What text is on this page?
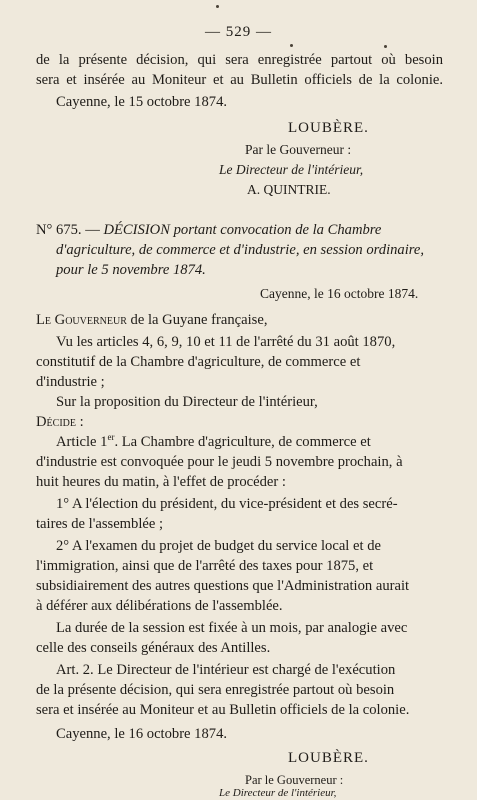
— 529 —
de la présente décision, qui sera enregistrée partout où besoin
sera et insérée au Moniteur et au Bulletin officiels de la colonie.
Cayenne, le 15 octobre 1874.
LOUBÈRE.
Par le Gouverneur :
Le Directeur de l'intérieur,
A. QUINTRIE.
N° 675. — DÉCISION portant convocation de la Chambre
d'agriculture, de commerce et d'industrie, en session ordinaire,
pour le 5 novembre 1874.
Cayenne, le 16 octobre 1874.
Le Gouverneur de la Guyane française,
Vu les articles 4, 6, 9, 10 et 11 de l'arrêté du 31 août 1870,
constitutif de la Chambre d'agriculture, de commerce et
d'industrie ;
Sur la proposition du Directeur de l'intérieur,
Décide :
Article 1er. La Chambre d'agriculture, de commerce et
d'industrie est convoquée pour le jeudi 5 novembre prochain, à
huit heures du matin, à l'effet de procéder :
1° A l'élection du président, du vice-président et des secré-
taires de l'assemblée ;
2° A l'examen du projet de budget du service local et de
l'immigration, ainsi que de l'arrêté des taxes pour 1875, et
subsidiairement des autres questions que l'Administration aurait
à déférer aux délibérations de l'assemblée.
La durée de la session est fixée à un mois, par analogie avec
celle des conseils généraux des Antilles.
Art. 2. Le Directeur de l'intérieur est chargé de l'exécution
de la présente décision, qui sera enregistrée partout où besoin
sera et insérée au Moniteur et au Bulletin officiels de la colonie.
Cayenne, le 16 octobre 1874.
LOUBÈRE.
Par le Gouverneur :
Le Directeur de l'intérieur,
